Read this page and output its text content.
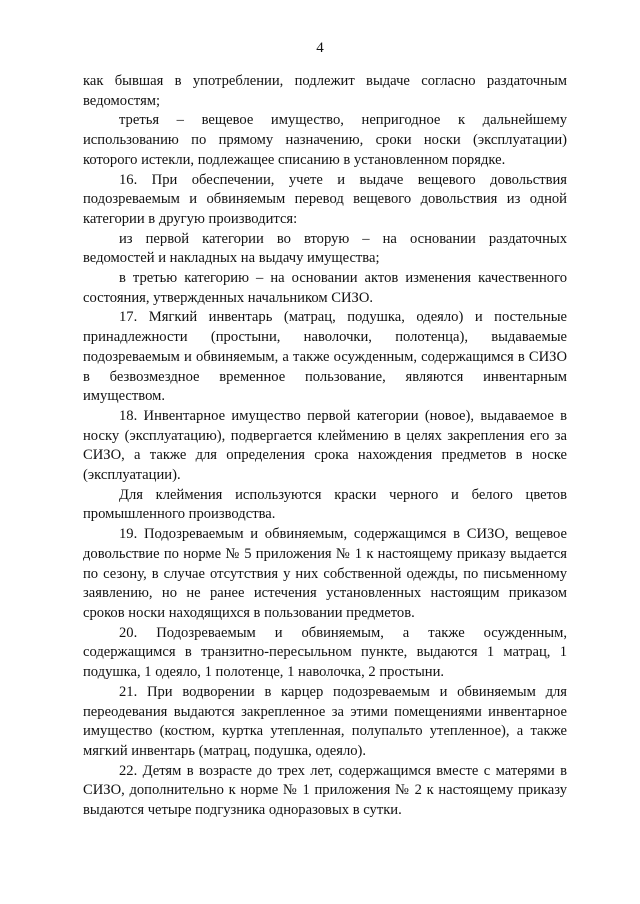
4

как бывшая в употреблении, подлежит выдаче согласно раздаточным ведомостям;

третья – вещевое имущество, непригодное к дальнейшему использованию по прямому назначению, сроки носки (эксплуатации) которого истекли, подлежащее списанию в установленном порядке.

16. При обеспечении, учете и выдаче вещевого довольствия подозреваемым и обвиняемым перевод вещевого довольствия из одной категории в другую производится:

из первой категории во вторую – на основании раздаточных ведомостей и накладных на выдачу имущества;

в третью категорию – на основании актов изменения качественного состояния, утвержденных начальником СИЗО.

17. Мягкий инвентарь (матрац, подушка, одеяло) и постельные принадлежности (простыни, наволочки, полотенца), выдаваемые подозреваемым и обвиняемым, а также осужденным, содержащимся в СИЗО в безвозмездное временное пользование, являются инвентарным имуществом.

18. Инвентарное имущество первой категории (новое), выдаваемое в носку (эксплуатацию), подвергается клеймению в целях закрепления его за СИЗО, а также для определения срока нахождения предметов в носке (эксплуатации).

Для клеймения используются краски черного и белого цветов промышленного производства.

19. Подозреваемым и обвиняемым, содержащимся в СИЗО, вещевое довольствие по норме № 5 приложения № 1 к настоящему приказу выдается по сезону, в случае отсутствия у них собственной одежды, по письменному заявлению, но не ранее истечения установленных настоящим приказом сроков носки находящихся в пользовании предметов.

20. Подозреваемым и обвиняемым, а также осужденным, содержащимся в транзитно-пересыльном пункте, выдаются 1 матрац, 1 подушка, 1 одеяло, 1 полотенце, 1 наволочка, 2 простыни.

21. При водворении в карцер подозреваемым и обвиняемым для переодевания выдаются закрепленное за этими помещениями инвентарное имущество (костюм, куртка утепленная, полупальто утепленное), а также мягкий инвентарь (матрац, подушка, одеяло).

22. Детям в возрасте до трех лет, содержащимся вместе с матерями в СИЗО, дополнительно к норме № 1 приложения № 2 к настоящему приказу выдаются четыре подгузника одноразовых в сутки.
